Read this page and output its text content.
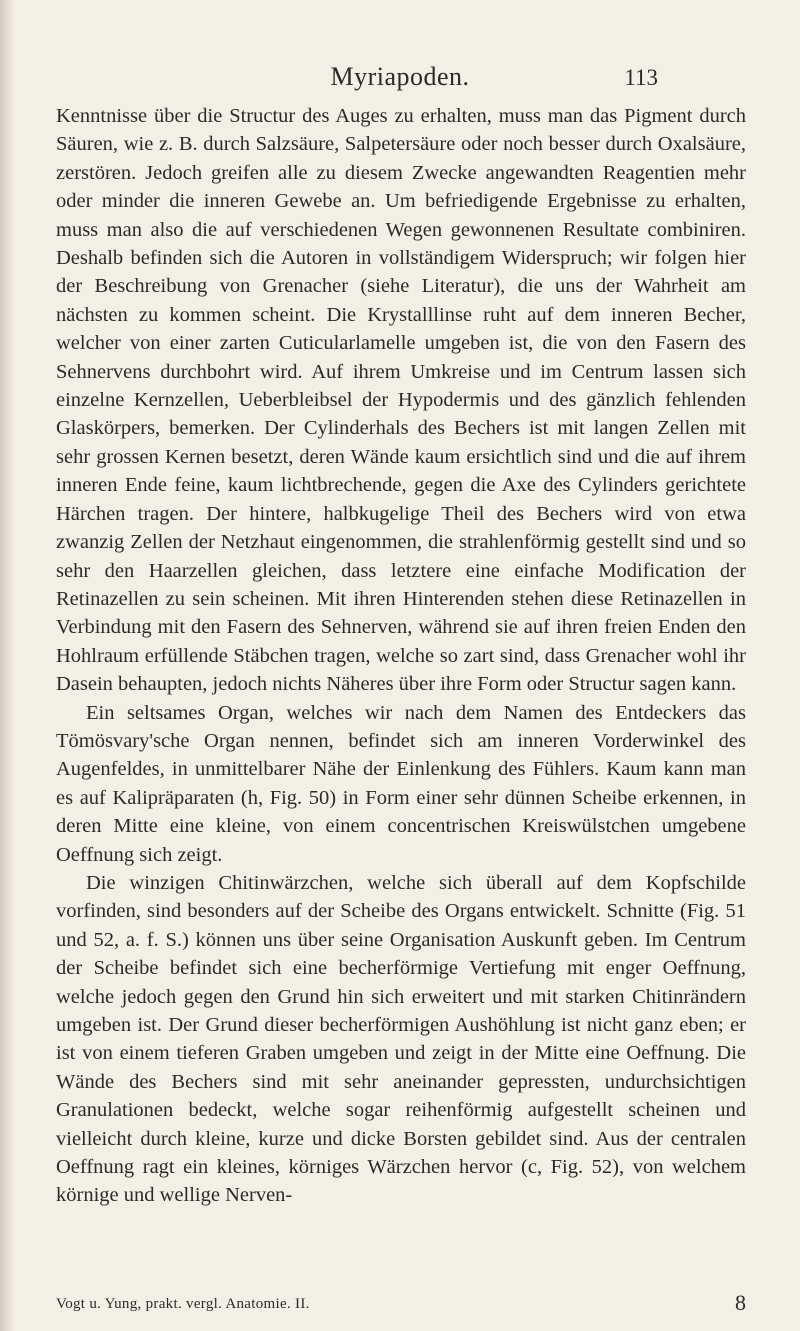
Myriapoden.	113

Kenntnisse über die Structur des Auges zu erhalten, muss man das Pigment durch Säuren, wie z. B. durch Salzsäure, Salpetersäure oder noch besser durch Oxalsäure, zerstören. Jedoch greifen alle zu diesem Zwecke angewandten Reagentien mehr oder minder die inneren Gewebe an. Um befriedigende Ergebnisse zu erhalten, muss man also die auf verschiedenen Wegen gewonnenen Resultate combiniren. Deshalb befinden sich die Autoren in vollständigem Widerspruch; wir folgen hier der Beschreibung von Grenacher (siehe Literatur), die uns der Wahrheit am nächsten zu kommen scheint. Die Krystalllinse ruht auf dem inneren Becher, welcher von einer zarten Cuticularlamelle umgeben ist, die von den Fasern des Sehnervens durchbohrt wird. Auf ihrem Umkreise und im Centrum lassen sich einzelne Kernzellen, Ueberbleibsel der Hypodermis und des gänzlich fehlenden Glaskörpers, bemerken. Der Cylinderhals des Bechers ist mit langen Zellen mit sehr grossen Kernen besetzt, deren Wände kaum ersichtlich sind und die auf ihrem inneren Ende feine, kaum lichtbrechende, gegen die Axe des Cylinders gerichtete Härchen tragen. Der hintere, halbkugelige Theil des Bechers wird von etwa zwanzig Zellen der Netzhaut eingenommen, die strahlenförmig gestellt sind und so sehr den Haarzellen gleichen, dass letztere eine einfache Modification der Retinazellen zu sein scheinen. Mit ihren Hinterenden stehen diese Retinazellen in Verbindung mit den Fasern des Sehnerven, während sie auf ihren freien Enden den Hohlraum erfüllende Stäbchen tragen, welche so zart sind, dass Grenacher wohl ihr Dasein behaupten, jedoch nichts Näheres über ihre Form oder Structur sagen kann.

Ein seltsames Organ, welches wir nach dem Namen des Entdeckers das Tömösvary'sche Organ nennen, befindet sich am inneren Vorderwinkel des Augenfeldes, in unmittelbarer Nähe der Einlenkung des Fühlers. Kaum kann man es auf Kalipräparaten (h, Fig. 50) in Form einer sehr dünnen Scheibe erkennen, in deren Mitte eine kleine, von einem concentrischen Kreiswülstchen umgebene Oeffnung sich zeigt.

Die winzigen Chitinwärzchen, welche sich überall auf dem Kopfschilde vorfinden, sind besonders auf der Scheibe des Organs entwickelt. Schnitte (Fig. 51 und 52, a. f. S.) können uns über seine Organisation Auskunft geben. Im Centrum der Scheibe befindet sich eine becherförmige Vertiefung mit enger Oeffnung, welche jedoch gegen den Grund hin sich erweitert und mit starken Chitinrändern umgeben ist. Der Grund dieser becherförmigen Aushöhlung ist nicht ganz eben; er ist von einem tieferen Graben umgeben und zeigt in der Mitte eine Oeffnung. Die Wände des Bechers sind mit sehr aneinander gepressten, undurchsichtigen Granulationen bedeckt, welche sogar reihenförmig aufgestellt scheinen und vielleicht durch kleine, kurze und dicke Borsten gebildet sind. Aus der centralen Oeffnung ragt ein kleines, körniges Wärzchen hervor (c, Fig. 52), von welchem körnige und wellige Nerven-

Vogt u. Yung, prakt. vergl. Anatomie. II.	8
